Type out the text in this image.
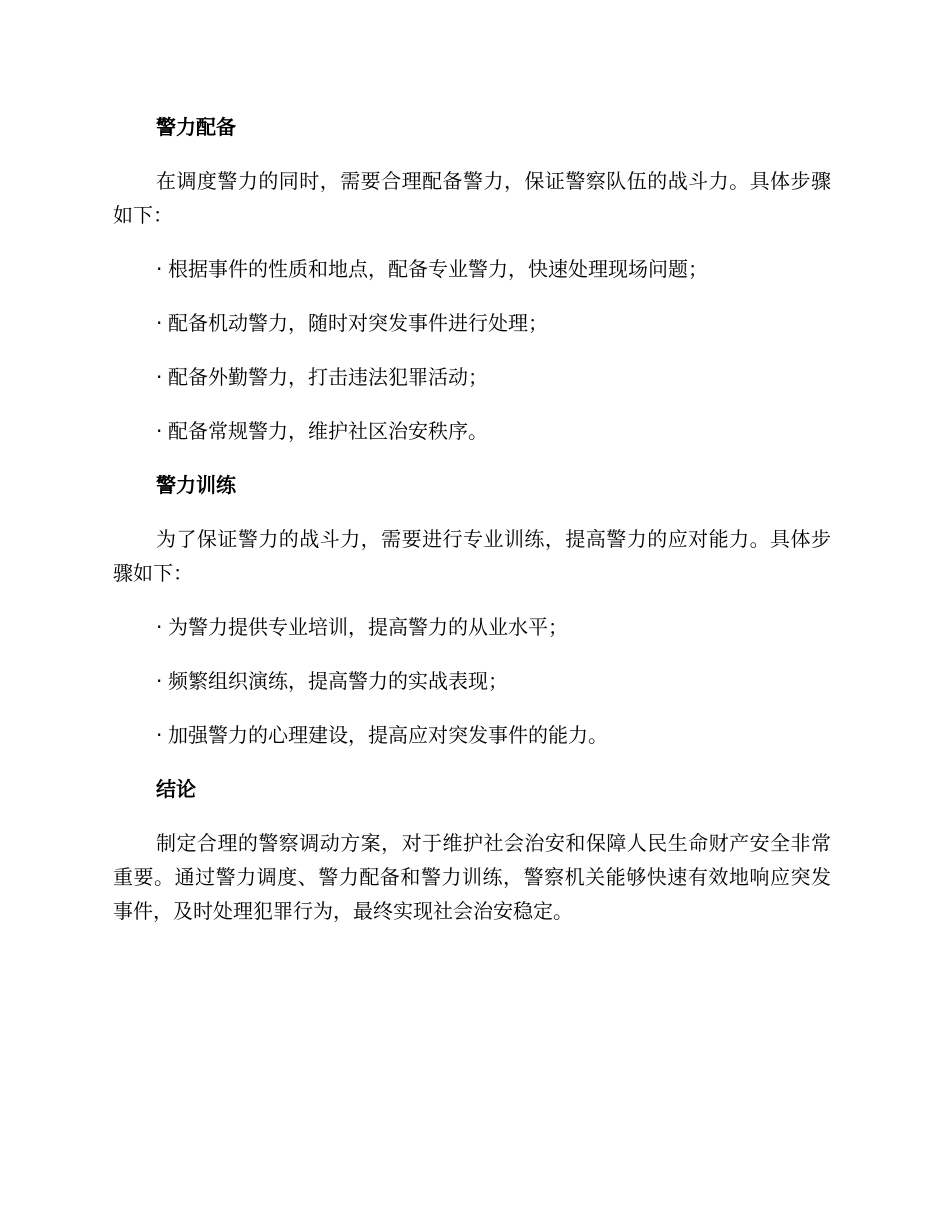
警力配备

在调度警力的同时，需要合理配备警力，保证警察队伍的战斗力。具体步骤如下：

· 根据事件的性质和地点，配备专业警力，快速处理现场问题；
· 配备机动警力，随时对突发事件进行处理；
· 配备外勤警力，打击违法犯罪活动；
· 配备常规警力，维护社区治安秩序。
警力训练

为了保证警力的战斗力，需要进行专业训练，提高警力的应对能力。具体步骤如下：

· 为警力提供专业培训，提高警力的从业水平；
· 频繁组织演练，提高警力的实战表现；
· 加强警力的心理建设，提高应对突发事件的能力。
结论

制定合理的警察调动方案，对于维护社会治安和保障人民生命财产安全非常重要。通过警力调度、警力配备和警力训练，警察机关能够快速有效地响应突发事件，及时处理犯罪行为，最终实现社会治安稳定。
